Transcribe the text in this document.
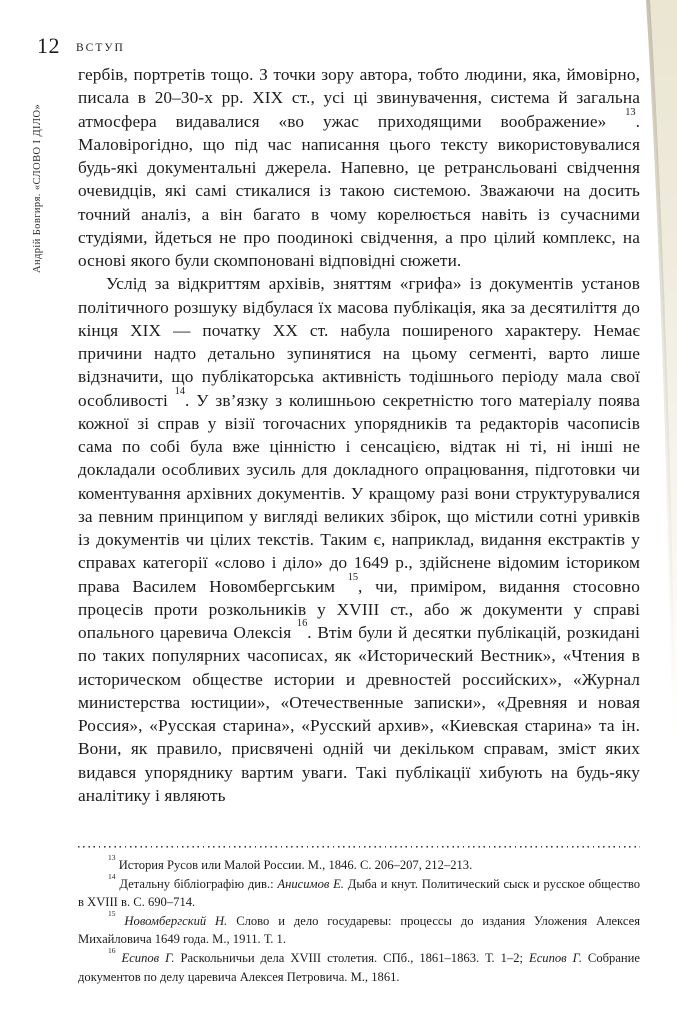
12 ВСТУП
Андрій Бовгиря. «СЛОВО І ДІЛО»

гербів, портретів тощо. З точки зору автора, тобто людини, яка, ймовірно, писала в 20–30-х рр. XIX ст., усі ці звинувачення, система й загальна атмосфера видавалися «во ужас приходящими воображение» $^{13}$. Маловірогідно, що під час написання цього тексту використовувалися будь-які документальні джерела. Напевно, це ретрансльовані свідчення очевидців, які самі стикалися із такою системою. Зважаючи на досить точний аналіз, а він багато в чому корелюється навіть із сучасними студіями, йдеться не про поодинокі свідчення, а про цілий комплекс, на основі якого були скомпоновані відповідні сюжети.

Услід за відкриттям архівів, зняттям «грифа» із документів установ політичного розшуку відбулася їх масова публікація, яка за десятиліття до кінця XIX — початку XX ст. набула поширеного характеру. Немає причини надто детально зупинятися на цьому сегменті, варто лише відзначити, що публікаторська активність тодішнього періоду мала свої особливості $^{14}$. У зв’язку з колишньою секретністю того матеріалу поява кожної зі справ у візії тогочасних упорядників та редакторів часописів сама по собі була вже цінністю і сенсацією, відтак ні ті, ні інші не докладали особливих зусиль для докладного опрацювання, підготовки чи коментування архівних документів. У кращому разі вони структурувалися за певним принципом у вигляді великих збірок, що містили сотні уривків із документів чи цілих текстів. Таким є, наприклад, видання екстрактів у справах категорії «слово і діло» до 1649 р., здійснене відомим істориком права Василем Новомбергським $^{15}$, чи, приміром, видання стосовно процесів проти розкольників у XVIII ст., або ж документи у справі опального царевича Олексія $^{16}$. Втім були й десятки публікацій, розкидані по таких популярних часописах, як «Исторический Вестник», «Чтения в историческом обществе истории и древностей российских», «Журнал министерства юстиции», «Отечественные записки», «Древняя и новая Россия», «Русская старина», «Русский архив», «Киевская старина» та ін. Вони, як правило, присвячені одній чи декільком справам, зміст яких видався упоряднику вартим уваги. Такі публікації хибують на будь-яку аналітику і являють

$^{13}$ История Русов или Малой России. М., 1846. С. 206–207, 212–213.

$^{14}$ Детальну бібліографію див.: Анисимов Е. Дыба и кнут. Политический сыск и русское общество в XVIII в. С. 690–714.

$^{15}$ Новомбергский Н. Слово и дело государевы: процессы до издания Уложения Алексея Михайловича 1649 года. М., 1911. Т. 1.

$^{16}$ Есипов Г. Раскольничьи дела XVIII столетия. СПб., 1861–1863. Т. 1–2; Есипов Г. Собрание документов по делу царевича Алексея Петровича. М., 1861.
